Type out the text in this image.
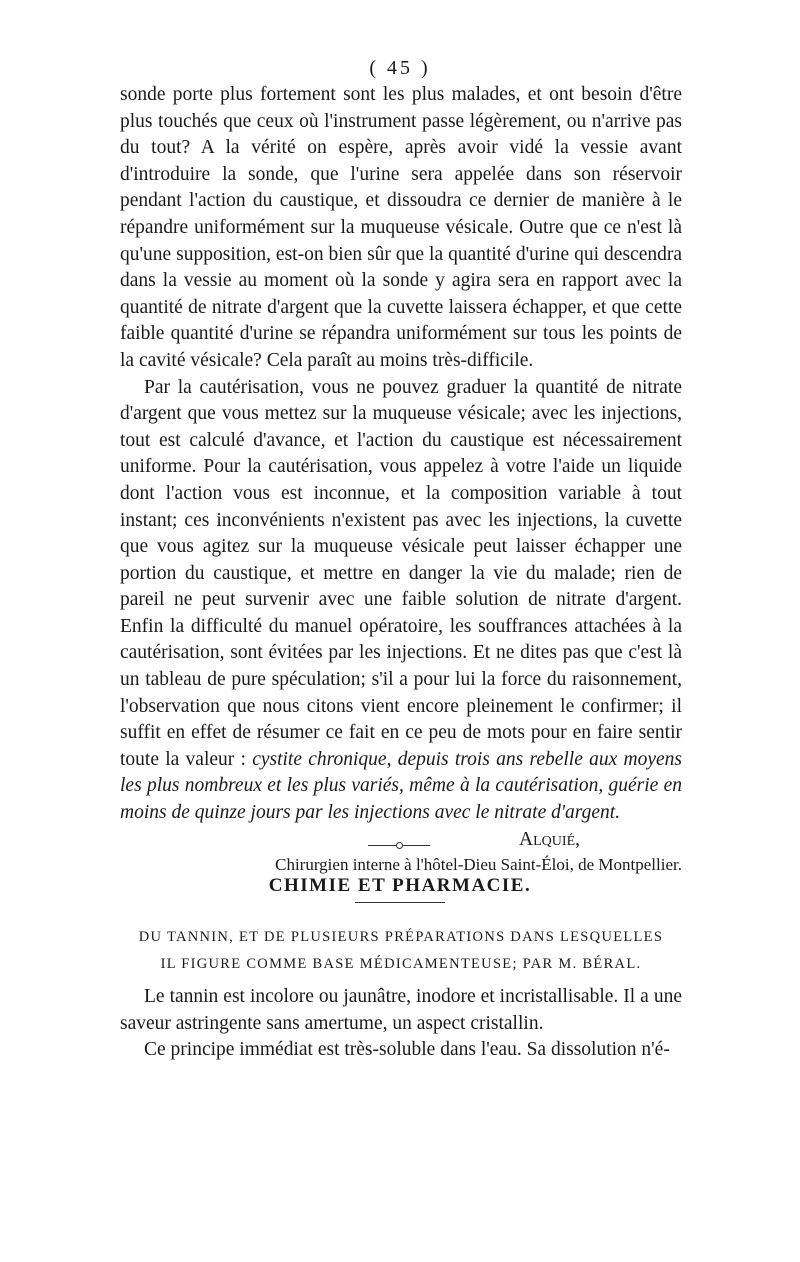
( 45 )

sonde porte plus fortement sont les plus malades, et ont besoin d'être plus touchés que ceux où l'instrument passe légèrement, ou n'arrive pas du tout? A la vérité on espère, après avoir vidé la vessie avant d'introduire la sonde, que l'urine sera appelée dans son réservoir pendant l'action du caustique, et dissoudra ce dernier de manière à le répandre uniformément sur la muqueuse vésicale. Outre que ce n'est là qu'une supposition, est-on bien sûr que la quantité d'urine qui descendra dans la vessie au moment où la sonde y agira sera en rapport avec la quantité de nitrate d'argent que la cuvette laissera échapper, et que cette faible quantité d'urine se répandra uniformément sur tous les points de la cavité vésicale? Cela paraît au moins très-difficile.

Par la cautérisation, vous ne pouvez graduer la quantité de nitrate d'argent que vous mettez sur la muqueuse vésicale; avec les injections, tout est calculé d'avance, et l'action du caustique est nécessairement uniforme. Pour la cautérisation, vous appelez à votre l'aide un liquide dont l'action vous est inconnue, et la composition variable à tout instant; ces inconvénients n'existent pas avec les injections, la cuvette que vous agitez sur la muqueuse vésicale peut laisser échapper une portion du caustique, et mettre en danger la vie du malade; rien de pareil ne peut survenir avec une faible solution de nitrate d'argent. Enfin la difficulté du manuel opératoire, les souffrances attachées à la cautérisation, sont évitées par les injections. Et ne dites pas que c'est là un tableau de pure spéculation; s'il a pour lui la force du raisonnement, l'observation que nous citons vient encore pleinement le confirmer; il suffit en effet de résumer ce fait en ce peu de mots pour en faire sentir toute la valeur : cystite chronique, depuis trois ans rebelle aux moyens les plus nombreux et les plus variés, même à la cautérisation, guérie en moins de quinze jours par les injections avec le nitrate d'argent.

Alquié,

Chirurgien interne à l'hôtel-Dieu Saint-Éloi, de Montpellier.

CHIMIE ET PHARMACIE.
DU TANNIN, ET DE PLUSIEURS PRÉPARATIONS DANS LESQUELLES
IL FIGURE COMME BASE MÉDICAMENTEUSE; PAR M. BÉRAL.

Le tannin est incolore ou jaunâtre, inodore et incristallisable. Il a une saveur astringente sans amertume, un aspect cristallin.

Ce principe immédiat est très-soluble dans l'eau. Sa dissolution n'é-
